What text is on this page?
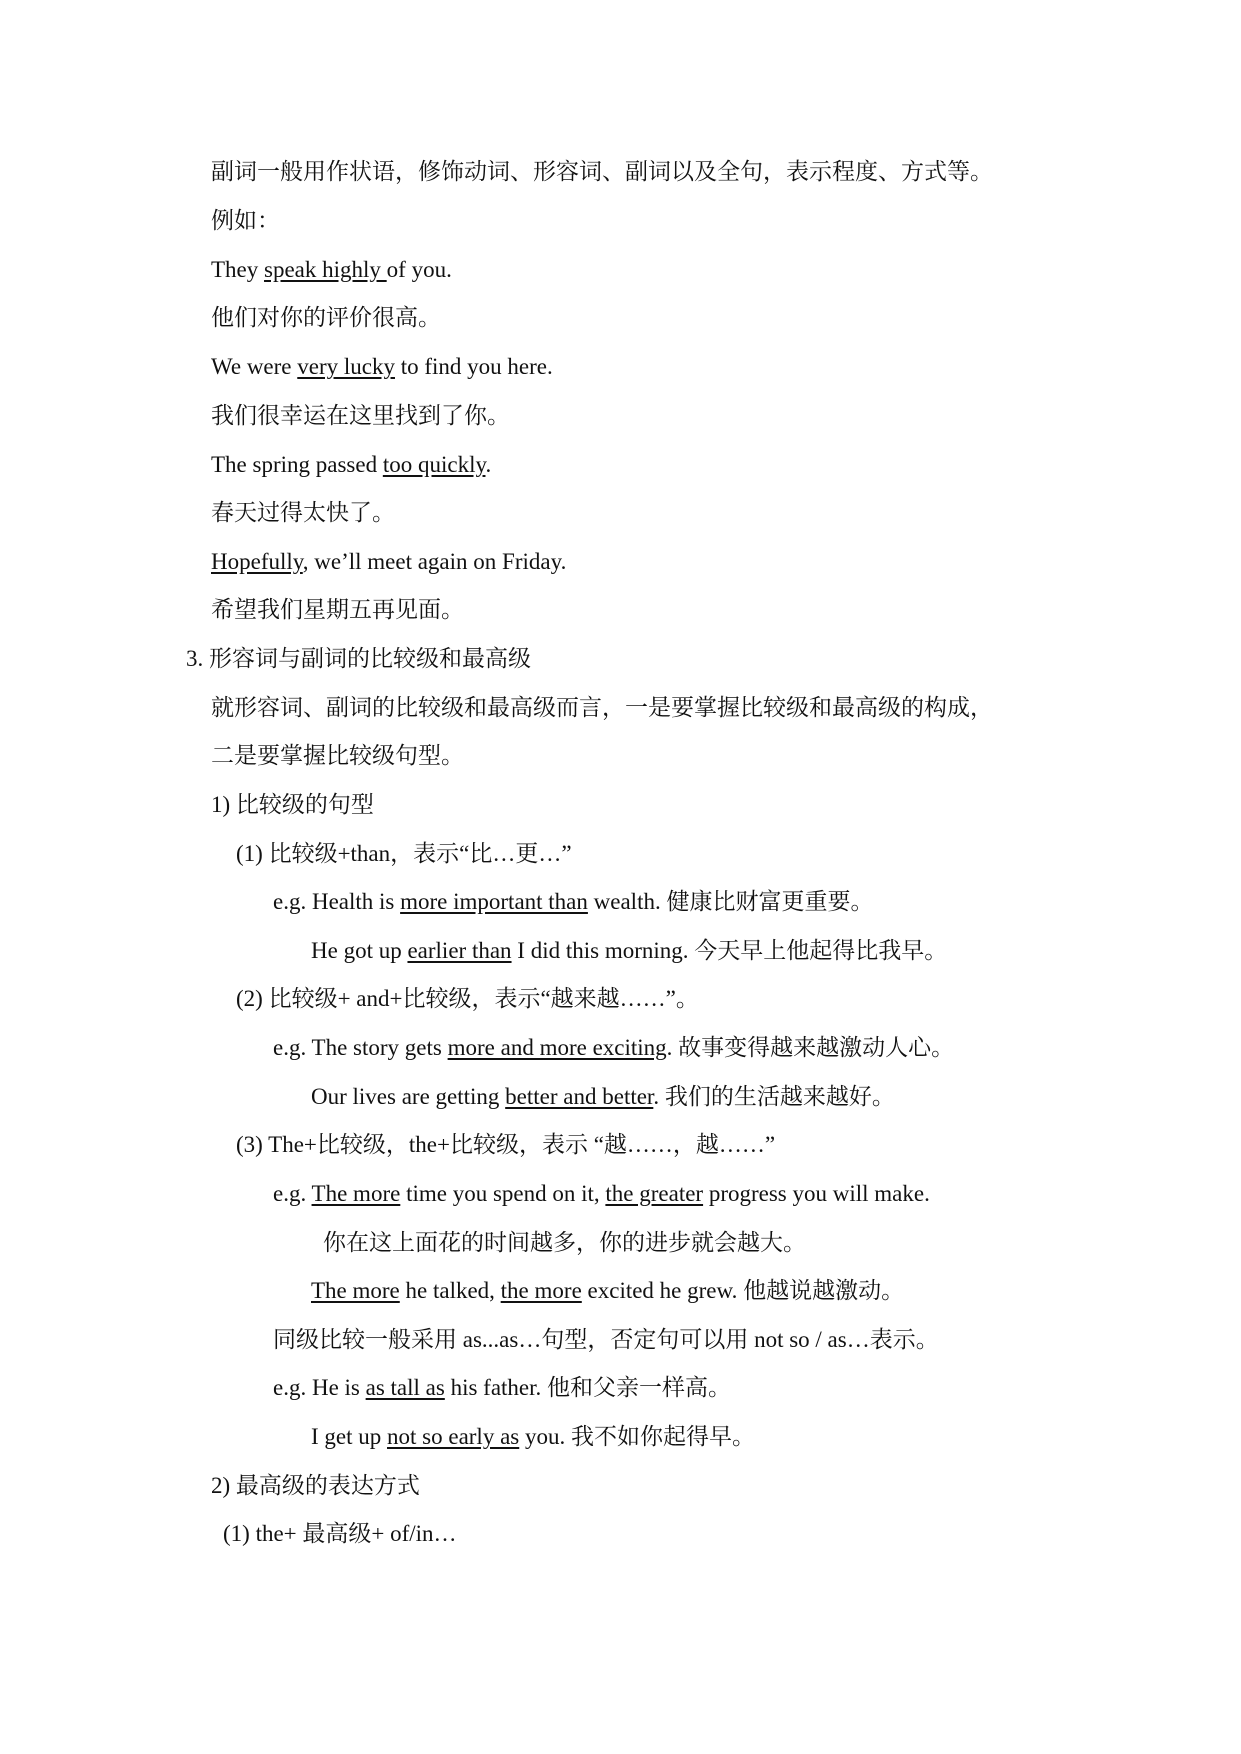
副词一般用作状语，修饰动词、形容词、副词以及全句，表示程度、方式等。
例如：
They speak highly of you.
他们对你的评价很高。
We were very lucky to find you here.
我们很幸运在这里找到了你。
The spring passed too quickly.
春天过得太快了。
Hopefully, we’ll meet again on Friday.
希望我们星期五再见面。
3. 形容词与副词的比较级和最高级
就形容词、副词的比较级和最高级而言，一是要掌握比较级和最高级的构成，
二是要掌握比较级句型。
1) 比较级的句型
(1) 比较级+than，表示“比…更…”
e.g. Health is more important than wealth. 健康比财富更重要。
He got up earlier than I did this morning. 今天早上他起得比我早。
(2) 比较级+ and+比较级，表示“越来越……”。
e.g. The story gets more and more exciting. 故事变得越来越激动人心。
Our lives are getting better and better. 我们的生活越来越好。
(3) The+比较级，the+比较级，表示 “越……，越……”
e.g. The more time you spend on it, the greater progress you will make.
你在这上面花的时间越多，你的进步就会越大。
The more he talked, the more excited he grew. 他越说越激动。
同级比较一般采用 as...as…句型，否定句可以用 not so / as…表示。
e.g. He is as tall as his father. 他和父亲一样高。
I get up not so early as you. 我不如你起得早。
2) 最高级的表达方式
(1) the+ 最高级+ of/in…
